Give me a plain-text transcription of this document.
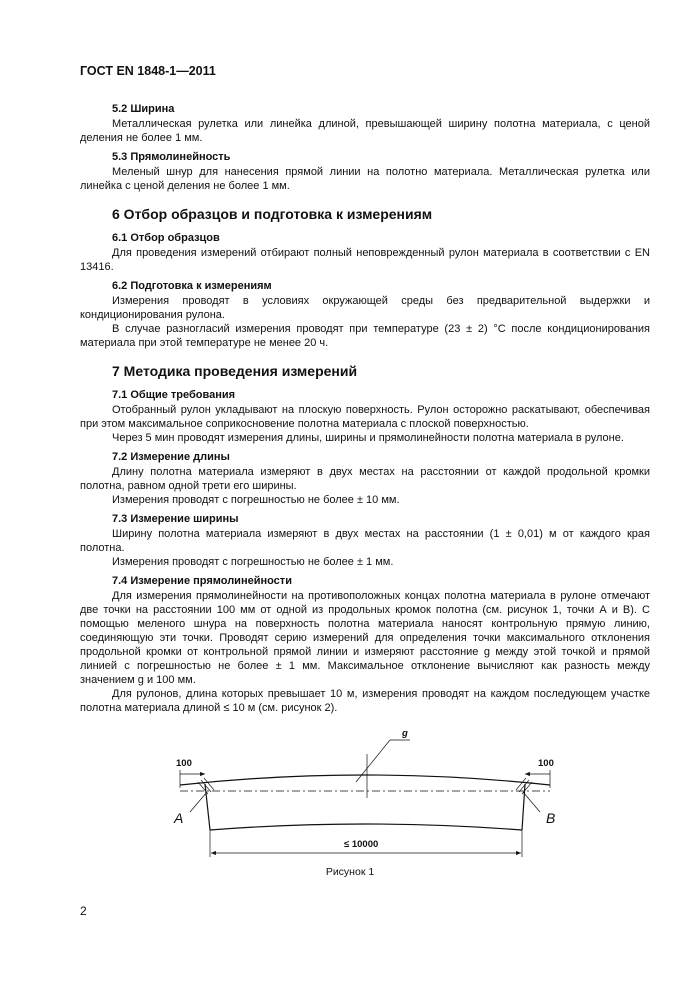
ГОСТ EN 1848-1—2011
5.2 Ширина

Металлическая рулетка или линейка длиной, превышающей ширину полотна материала, с ценой деления не более 1 мм.

5.3 Прямолинейность

Меленый шнур для нанесения прямой линии на полотно материала. Металлическая рулетка или линейка с ценой деления не более 1 мм.

6 Отбор образцов и подготовка к измерениям
6.1 Отбор образцов

Для проведения измерений отбирают полный неповрежденный рулон материала в соответствии с EN 13416.

6.2 Подготовка к измерениям

Измерения проводят в условиях окружающей среды без предварительной выдержки и кондиционирования рулона.

В случае разногласий измерения проводят при температуре (23 ± 2) °С после кондиционирования материала при этой температуре не менее 20 ч.

7 Методика проведения измерений
7.1 Общие требования

Отобранный рулон укладывают на плоскую поверхность. Рулон осторожно раскатывают, обеспечивая при этом максимальное соприкосновение полотна материала с плоской поверхностью.

Через 5 мин проводят измерения длины, ширины и прямолинейности полотна материала в рулоне.

7.2 Измерение длины

Длину полотна материала измеряют в двух местах на расстоянии от каждой продольной кромки полотна, равном одной трети его ширины.

Измерения проводят с погрешностью не более ± 10 мм.

7.3 Измерение ширины

Ширину полотна материала измеряют в двух местах на расстоянии (1 ± 0,01) м от каждого края полотна.

Измерения проводят с погрешностью не более ± 1 мм.

7.4 Измерение прямолинейности

Для измерения прямолинейности на противоположных концах полотна материала в рулоне отмечают две точки на расстоянии 100 мм от одной из продольных кромок полотна (см. рисунок 1, точки А и В). С помощью меленого шнура на поверхность полотна материала наносят контрольную прямую линию, соединяющую эти точки. Проводят серию измерений для определения точки максимального отклонения продольной кромки от контрольной прямой линии и измеряют расстояние g между этой точкой и прямой линией с погрешностью не более ± 1 мм. Максимальное отклонение вычисляют как разность между значением g и 100 мм.

Для рулонов, длина которых превышает 10 м, измерения проводят на каждом последующем участке полотна материала длиной ≤ 10 м (см. рисунок 2).

100	100
g
A	B
≤ 10000
Рисунок 1
2
